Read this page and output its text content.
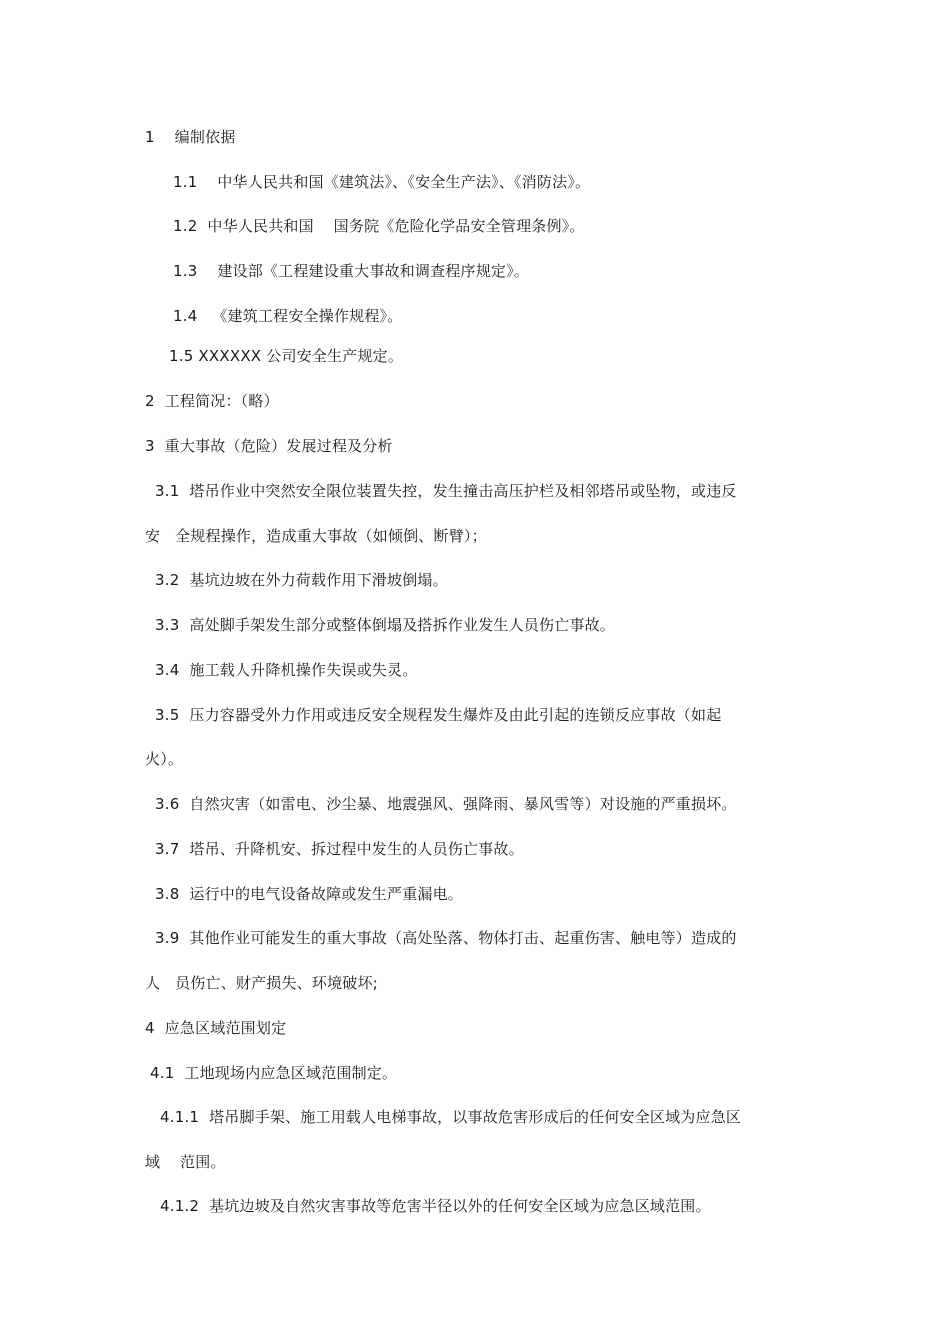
1    编制依据
1.1    中华人民共和国《建筑法》、《安全生产法》、《消防法》。
1.2  中华人民共和国    国务院《危险化学品安全管理条例》。
1.3    建设部《工程建设重大事故和调查程序规定》。
1.4   《建筑工程安全操作规程》。
1.5 XXXXXX 公司安全生产规定。
2  工程简况：（略）
3  重大事故（危险）发展过程及分析
3.1  塔吊作业中突然安全限位装置失控，发生撞击高压护栏及相邻塔吊或坠物，或违反
安   全规程操作，造成重大事故（如倾倒、断臂）；
3.2  基坑边坡在外力荷载作用下滑坡倒塌。
3.3  高处脚手架发生部分或整体倒塌及搭拆作业发生人员伤亡事故。
3.4  施工载人升降机操作失误或失灵。
3.5  压力容器受外力作用或违反安全规程发生爆炸及由此引起的连锁反应事故（如起
火）。
3.6  自然灾害（如雷电、沙尘暴、地震强风、强降雨、暴风雪等）对设施的严重损坏。
3.7  塔吊、升降机安、拆过程中发生的人员伤亡事故。
3.8  运行中的电气设备故障或发生严重漏电。
3.9  其他作业可能发生的重大事故（高处坠落、物体打击、起重伤害、触电等）造成的
人   员伤亡、财产损失、环境破坏;
4  应急区域范围划定
4.1  工地现场内应急区域范围制定。
4.1.1  塔吊脚手架、施工用载人电梯事故，以事故危害形成后的任何安全区域为应急区
域    范围。
4.1.2  基坑边坡及自然灾害事故等危害半径以外的任何安全区域为应急区域范围。
